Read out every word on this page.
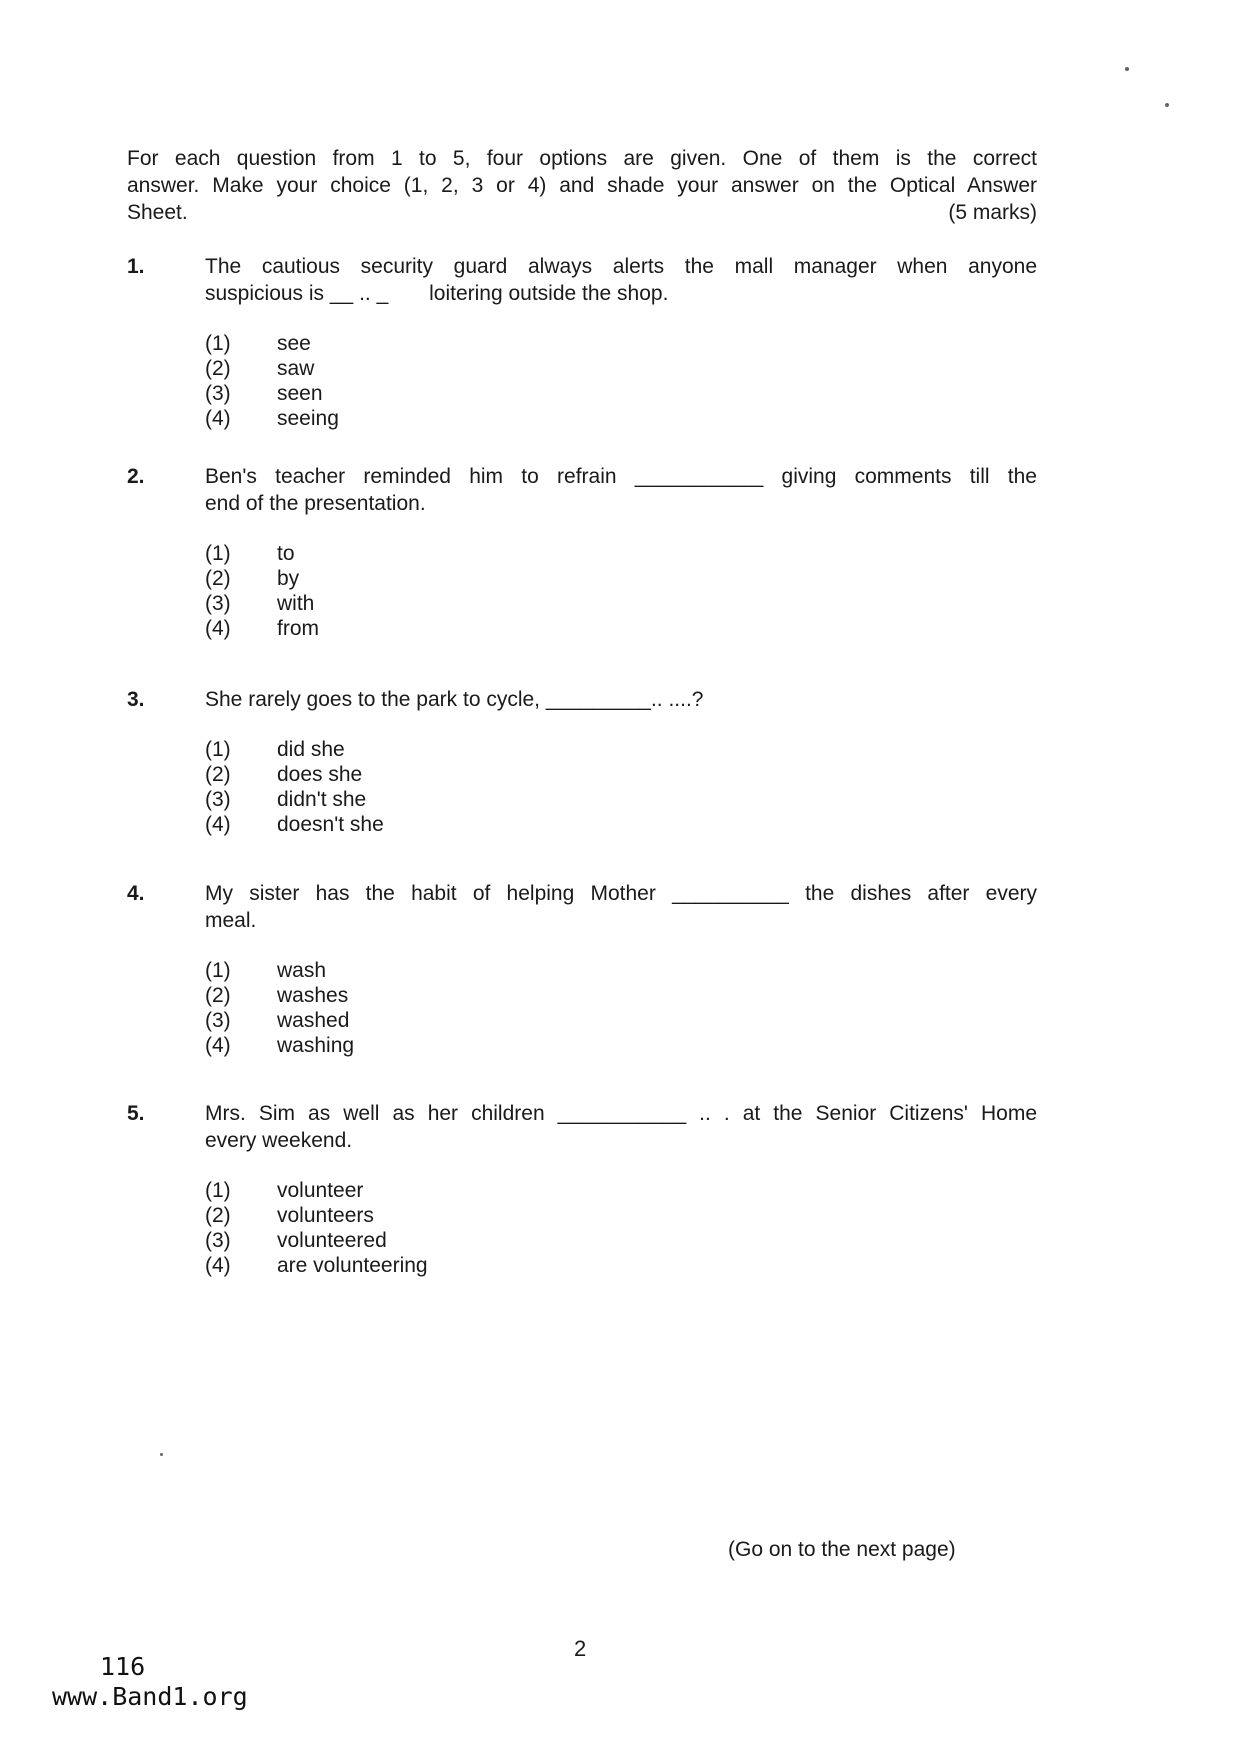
For each question from 1 to 5, four options are given. One of them is the correct
answer. Make your choice (1, 2, 3 or 4) and shade your answer on the Optical Answer
Sheet.	(5 marks)
1.	The cautious security guard always alerts the mall manager when anyone
suspicious is __ .. _       loitering outside the shop.
(1) see
(2) saw
(3) seen
(4) seeing
2.	Ben's teacher reminded him to refrain ___________ giving comments till the
end of the presentation.
(1) to
(2) by
(3) with
(4) from
3.	She rarely goes to the park to cycle, _________.. ....?
(1) did she
(2) does she
(3) didn't she
(4) doesn't she
4.	My sister has the habit of helping Mother __________ the dishes after every
meal.
(1) wash
(2) washes
(3) washed
(4) washing
5.	Mrs. Sim as well as her children ___________ .. . at the Senior Citizens' Home
every weekend.
(1) volunteer
(2) volunteers
(3) volunteered
(4) are volunteering
(Go on to the next page)
2
116
www.Band1.org
